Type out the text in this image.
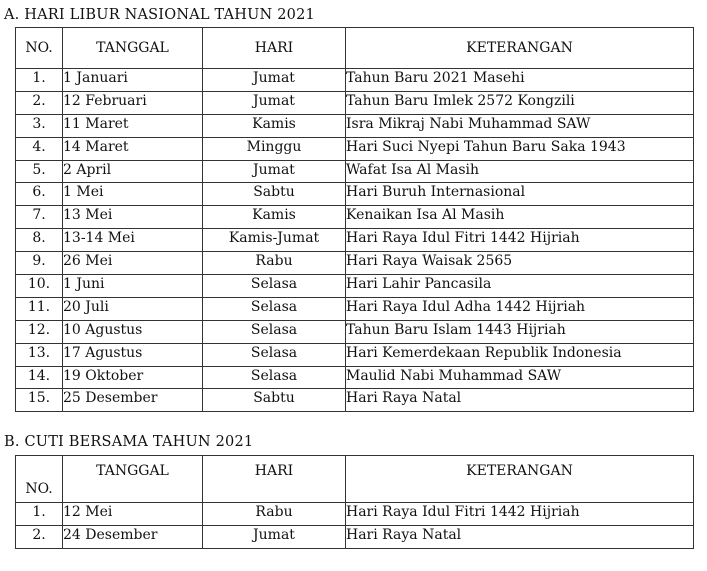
A. HARI LIBUR NASIONAL TAHUN 2021
NO.	TANGGAL	HARI	KETERANGAN
1.	1 Januari	Jumat	Tahun Baru 2021 Masehi
2.	12 Februari	Jumat	Tahun Baru Imlek 2572 Kongzili
3.	11 Maret	Kamis	Isra Mikraj Nabi Muhammad SAW
4.	14 Maret	Minggu	Hari Suci Nyepi Tahun Baru Saka 1943
5.	2 April	Jumat	Wafat Isa Al Masih
6.	1 Mei	Sabtu	Hari Buruh Internasional
7.	13 Mei	Kamis	Kenaikan Isa Al Masih
8.	13-14 Mei	Kamis-Jumat	Hari Raya Idul Fitri 1442 Hijriah
9.	26 Mei	Rabu	Hari Raya Waisak 2565
10.	1 Juni	Selasa	Hari Lahir Pancasila
11.	20 Juli	Selasa	Hari Raya Idul Adha 1442 Hijriah
12.	10 Agustus	Selasa	Tahun Baru Islam 1443 Hijriah
13.	17 Agustus	Selasa	Hari Kemerdekaan Republik Indonesia
14.	19 Oktober	Selasa	Maulid Nabi Muhammad SAW
15.	25 Desember	Sabtu	Hari Raya Natal
B. CUTI BERSAMA TAHUN 2021
NO.	TANGGAL	HARI	KETERANGAN
1.	12 Mei	Rabu	Hari Raya Idul Fitri 1442 Hijriah
2.	24 Desember	Jumat	Hari Raya Natal
